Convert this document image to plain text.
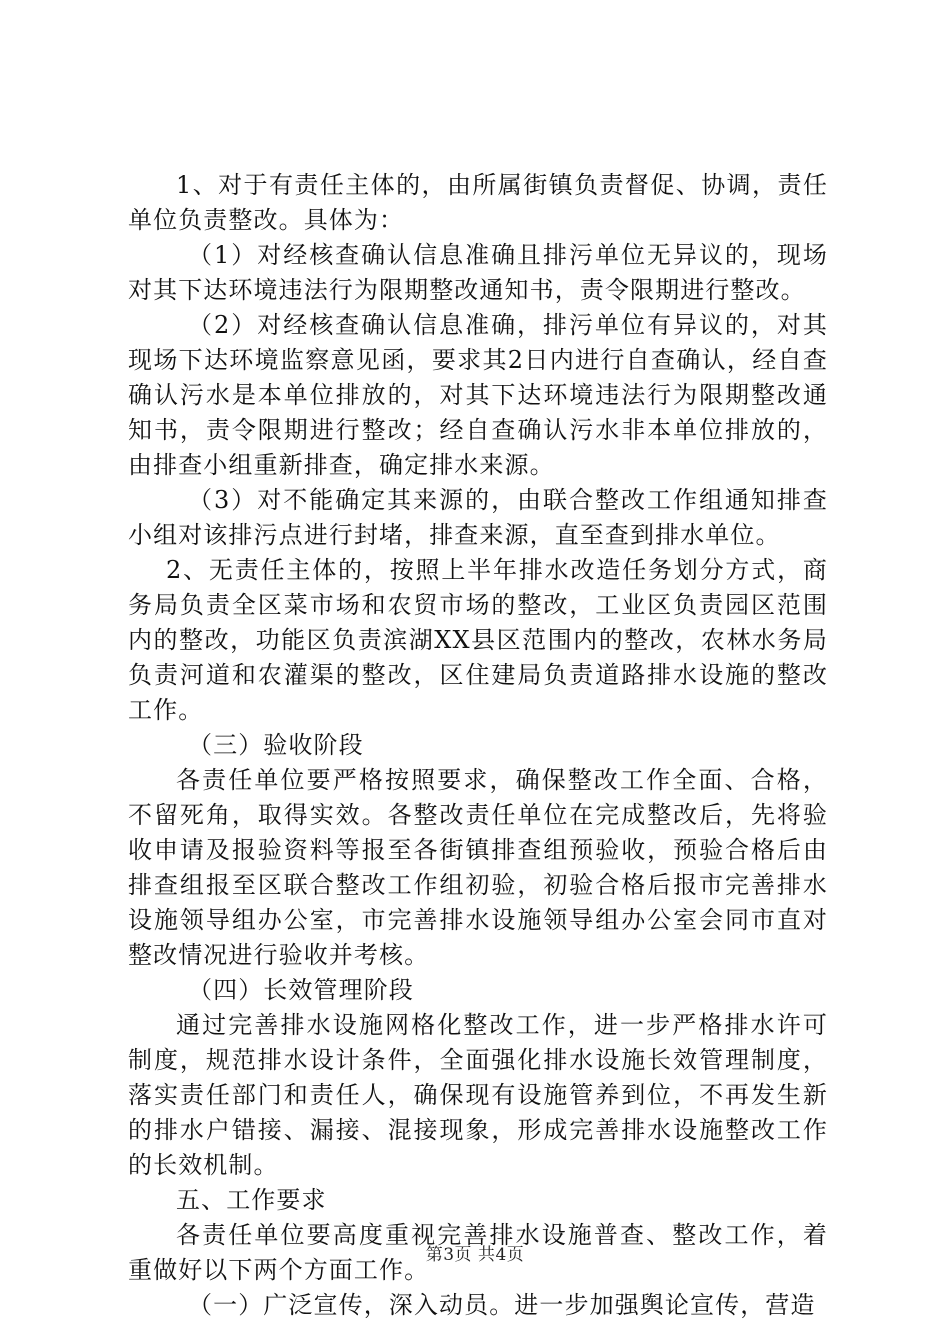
1、对于有责任主体的，由所属街镇负责督促、协调，责任单位负责整改。具体为：

（1）对经核查确认信息准确且排污单位无异议的，现场对其下达环境违法行为限期整改通知书，责令限期进行整改。

（2）对经核查确认信息准确，排污单位有异议的，对其现场下达环境监察意见函，要求其2日内进行自查确认，经自查确认污水是本单位排放的，对其下达环境违法行为限期整改通知书，责令限期进行整改；经自查确认污水非本单位排放的，由排查小组重新排查，确定排水来源。

（3）对不能确定其来源的，由联合整改工作组通知排查小组对该排污点进行封堵，排查来源，直至查到排水单位。

2、无责任主体的，按照上半年排水改造任务划分方式，商务局负责全区菜市场和农贸市场的整改，工业区负责园区范围内的整改，功能区负责滨湖XX县区范围内的整改，农林水务局负责河道和农灌渠的整改，区住建局负责道路排水设施的整改工作。

（三）验收阶段

各责任单位要严格按照要求，确保整改工作全面、合格，不留死角，取得实效。各整改责任单位在完成整改后，先将验收申请及报验资料等报至各街镇排查组预验收，预验合格后由排查组报至区联合整改工作组初验，初验合格后报市完善排水设施领导组办公室，市完善排水设施领导组办公室会同市直对整改情况进行验收并考核。

（四）长效管理阶段

通过完善排水设施网格化整改工作，进一步严格排水许可制度，规范排水设计条件，全面强化排水设施长效管理制度，落实责任部门和责任人，确保现有设施管养到位，不再发生新的排水户错接、漏接、混接现象，形成完善排水设施整改工作的长效机制。

五、工作要求

各责任单位要高度重视完善排水设施普查、整改工作，着重做好以下两个方面工作。

（一）广泛宣传，深入动员。进一步加强舆论宣传，营造

第3页 共4页
